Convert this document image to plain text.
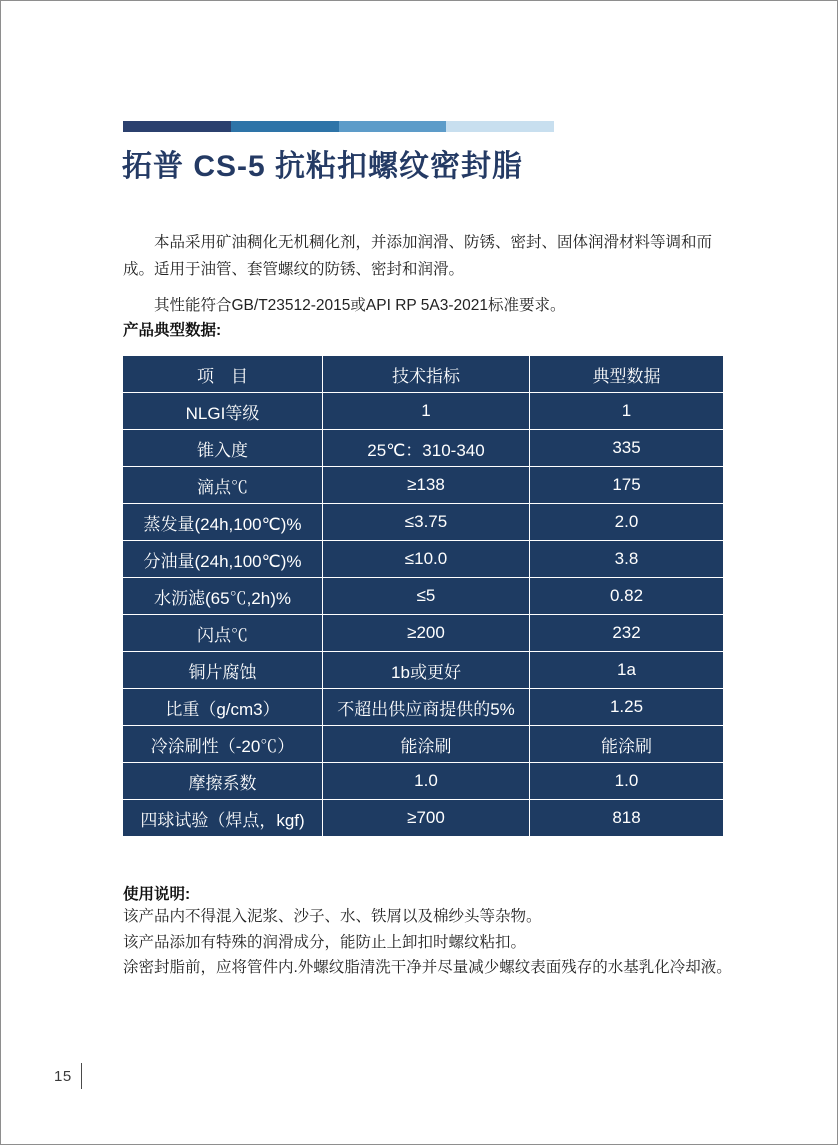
拓普 CS-5 抗粘扣螺纹密封脂

本品采用矿油稠化无机稠化剂，并添加润滑、防锈、密封、固体润滑材料等调和而成。适用于油管、套管螺纹的防锈、密封和润滑。

其性能符合GB/T23512-2015或API RP 5A3-2021标准要求。

产品典型数据:

项　目	技术指标	典型数据
NLGI等级	1	1
锥入度	25℃：310-340	335
滴点℃	≥138	175
蒸发量(24h,100℃)%	≤3.75	2.0
分油量(24h,100℃)%	≤10.0	3.8
水沥滤(65℃,2h)%	≤5	0.82
闪点℃	≥200	232
铜片腐蚀	1b或更好	1a
比重（g/cm3）	不超出供应商提供的5%	1.25
冷涂刷性（-20℃）	能涂刷	能涂刷
摩擦系数	1.0	1.0
四球试验（焊点，kgf)	≥700	818

使用说明:

该产品内不得混入泥浆、沙子、水、铁屑以及棉纱头等杂物。
该产品添加有特殊的润滑成分，能防止上卸扣时螺纹粘扣。
涂密封脂前，应将管件内.外螺纹脂清洗干净并尽量减少螺纹表面残存的水基乳化冷却液。
15
